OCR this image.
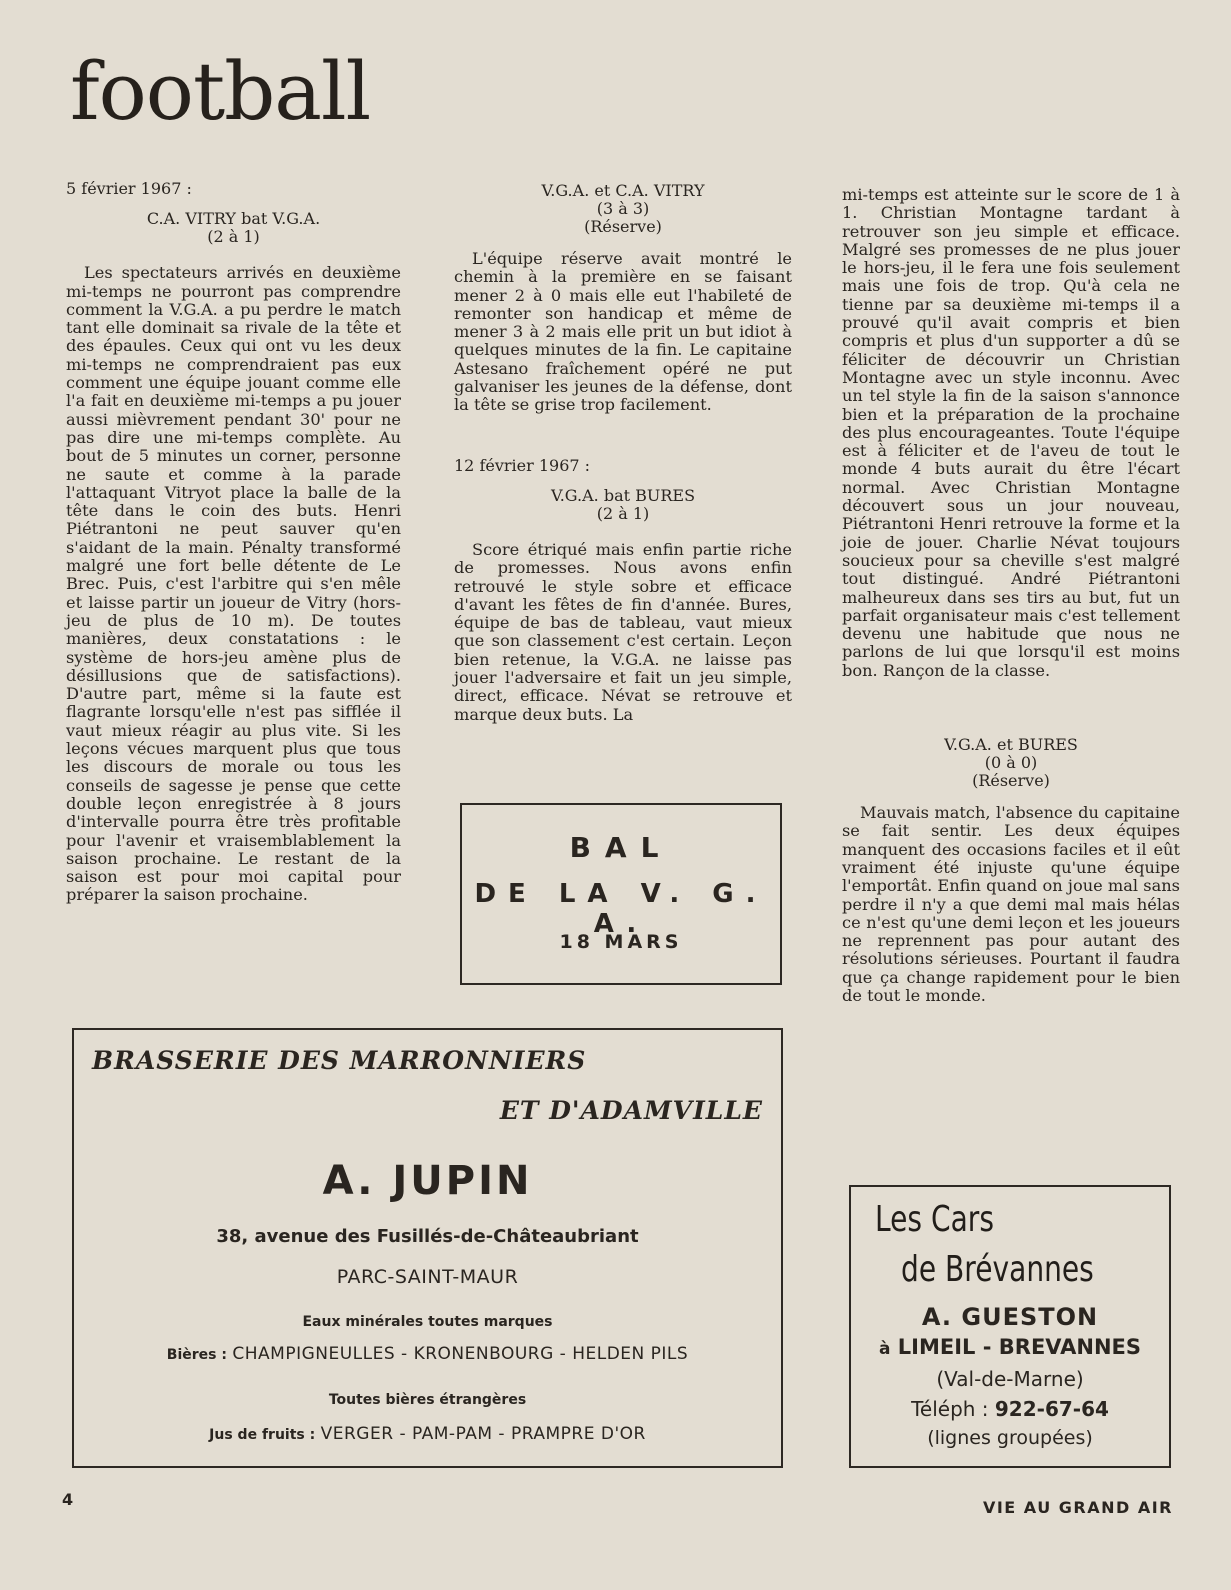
football

5 février 1967 :

C.A. VITRY bat V.G.A.

(2 à 1)

Les spectateurs arrivés en deuxième mi-temps ne pourront pas comprendre comment la V.G.A. a pu perdre le match tant elle dominait sa rivale de la tête et des épaules. Ceux qui ont vu les deux mi-temps ne comprendraient pas eux comment une équipe jouant comme elle l'a fait en deuxième mi-temps a pu jouer aussi mièvrement pendant 30' pour ne pas dire une mi-temps complète. Au bout de 5 minutes un corner, personne ne saute et comme à la parade l'attaquant Vitryot place la balle de la tête dans le coin des buts. Henri Piétrantoni ne peut sauver qu'en s'aidant de la main. Pénalty transformé malgré une fort belle détente de Le Brec. Puis, c'est l'arbitre qui s'en mêle et laisse partir un joueur de Vitry (hors-jeu de plus de 10 m). De toutes manières, deux constatations : le système de hors-jeu amène plus de désillusions que de satisfactions). D'autre part, même si la faute est flagrante lorsqu'elle n'est pas sifflée il vaut mieux réagir au plus vite. Si les leçons vécues marquent plus que tous les discours de morale ou tous les conseils de sagesse je pense que cette double leçon enregistrée à 8 jours d'intervalle pourra être très profitable pour l'avenir et vraisemblablement la saison prochaine. Le restant de la saison est pour moi capital pour préparer la saison prochaine.

V.G.A. et C.A. VITRY

(3 à 3)

(Réserve)

L'équipe réserve avait montré le chemin à la première en se faisant mener 2 à 0 mais elle eut l'habileté de remonter son handicap et même de mener 3 à 2 mais elle prit un but idiot à quelques minutes de la fin. Le capitaine Astesano fraîchement opéré ne put galvaniser les jeunes de la défense, dont la tête se grise trop facilement.

12 février 1967 :

V.G.A. bat BURES

(2 à 1)

Score étriqué mais enfin partie riche de promesses. Nous avons enfin retrouvé le style sobre et efficace d'avant les fêtes de fin d'année. Bures, équipe de bas de tableau, vaut mieux que son classement c'est certain. Leçon bien retenue, la V.G.A. ne laisse pas jouer l'adversaire et fait un jeu simple, direct, efficace. Névat se retrouve et marque deux buts. La

mi-temps est atteinte sur le score de 1 à 1. Christian Montagne tardant à retrouver son jeu simple et efficace. Malgré ses promesses de ne plus jouer le hors-jeu, il le fera une fois seulement mais une fois de trop. Qu'à cela ne tienne par sa deuxième mi-temps il a prouvé qu'il avait compris et bien compris et plus d'un supporter a dû se féliciter de découvrir un Christian Montagne avec un style inconnu. Avec un tel style la fin de la saison s'annonce bien et la préparation de la prochaine des plus encourageantes. Toute l'équipe est à féliciter et de l'aveu de tout le monde 4 buts aurait du être l'écart normal. Avec Christian Montagne découvert sous un jour nouveau, Piétrantoni Henri retrouve la forme et la joie de jouer. Charlie Névat toujours soucieux pour sa cheville s'est malgré tout distingué. André Piétrantoni malheureux dans ses tirs au but, fut un parfait organisateur mais c'est tellement devenu une habitude que nous ne parlons de lui que lorsqu'il est moins bon. Rançon de la classe.

V.G.A. et BURES

(0 à 0)

(Réserve)

Mauvais match, l'absence du capitaine se fait sentir. Les deux équipes manquent des occasions faciles et il eût vraiment été injuste qu'une équipe l'emportât. Enfin quand on joue mal sans perdre il n'y a que demi mal mais hélas ce n'est qu'une demi leçon et les joueurs ne reprennent pas pour autant des résolutions sérieuses. Pourtant il faudra que ça change rapidement pour le bien de tout le monde.

BAL
DE LA V. G. A.
18 MARS
BRASSERIE DES MARRONNIERS
ET D'ADAMVILLE
A. JUPIN
38, avenue des Fusillés-de-Châteaubriant
PARC-SAINT-MAUR
Eaux minérales toutes marques
Bières : CHAMPIGNEULLES - KRONENBOURG - HELDEN PILS
Toutes bières étrangères
Jus de fruits : VERGER - PAM-PAM - PRAMPRE D'OR
Les Cars
de Brévannes
A. GUESTON
à LIMEIL - BREVANNES
(Val-de-Marne)
Téléph : 922-67-64
(lignes groupées)
4	VIE AU GRAND AIR
